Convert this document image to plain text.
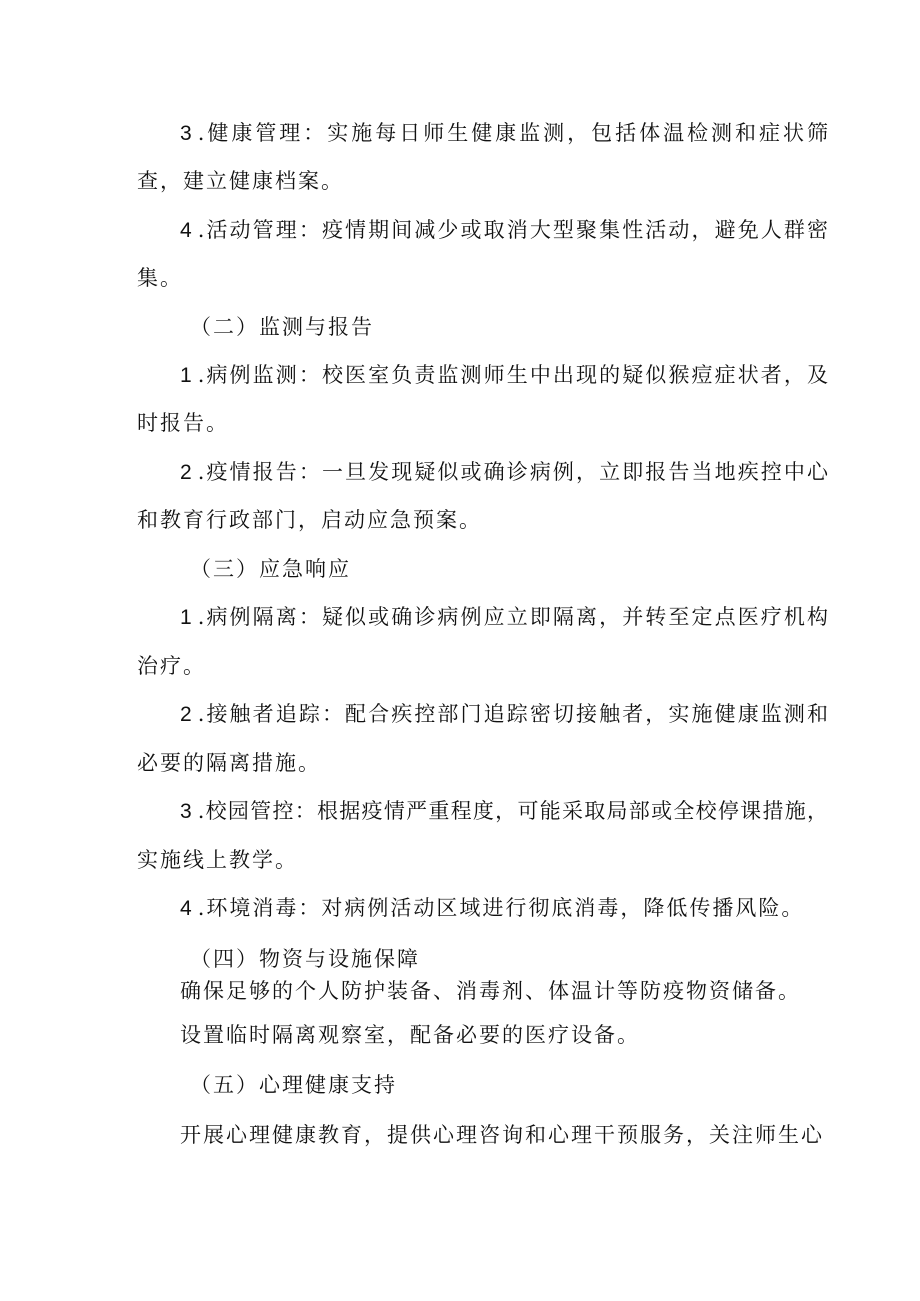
3 .健康管理：实施每日师生健康监测，包括体温检测和症状筛
查，建立健康档案。
4 .活动管理：疫情期间减少或取消大型聚集性活动，避免人群密
集。
（二）监测与报告
1 .病例监测：校医室负责监测师生中出现的疑似猴痘症状者，及
时报告。
2 .疫情报告：一旦发现疑似或确诊病例，立即报告当地疾控中心
和教育行政部门，启动应急预案。
（三）应急响应
1 .病例隔离：疑似或确诊病例应立即隔离，并转至定点医疗机构
治疗。
2 .接触者追踪：配合疾控部门追踪密切接触者，实施健康监测和
必要的隔离措施。
3 .校园管控：根据疫情严重程度，可能采取局部或全校停课措施，
实施线上教学。
4 .环境消毒：对病例活动区域进行彻底消毒，降低传播风险。
（四）物资与设施保障
确保足够的个人防护装备、消毒剂、体温计等防疫物资储备。
设置临时隔离观察室，配备必要的医疗设备。
（五）心理健康支持
开展心理健康教育，提供心理咨询和心理干预服务，关注师生心
